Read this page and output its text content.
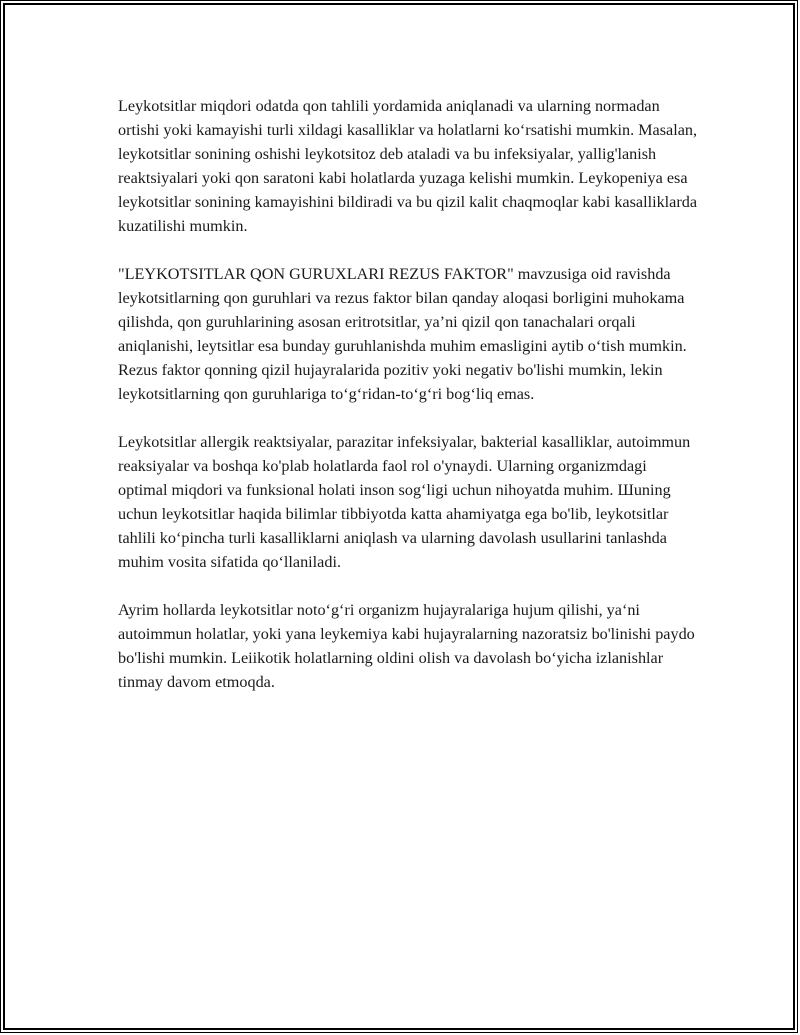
Leykotsitlar miqdori odatda qon tahlili yordamida aniqlanadi va ularning normadan ortishi yoki kamayishi turli xildagi kasalliklar va holatlarni ko‘rsatishi mumkin. Masalan, leykotsitlar sonining oshishi leykotsitoz deb ataladi va bu infeksiyalar, yallig'lanish reaktsiyalari yoki qon saratoni kabi holatlarda yuzaga kelishi mumkin. Leykopeniya esa leykotsitlar sonining kamayishini bildiradi va bu qizil kalit chaqmoqlar kabi kasalliklarda kuzatilishi mumkin.

"LEYKOTSITLAR QON GURUXLARI REZUS FAKTOR" mavzusiga oid ravishda leykotsitlarning qon guruhlari va rezus faktor bilan qanday aloqasi borligini muhokama qilishda, qon guruhlarining asosan eritrotsitlar, ya’ni qizil qon tanachalari orqali aniqlanishi, leytsitlar esa bunday guruhlanishda muhim emasligini aytib o‘tish mumkin. Rezus faktor qonning qizil hujayralarida pozitiv yoki negativ bo'lishi mumkin, lekin leykotsitlarning qon guruhlariga to‘g‘ridan-to‘g‘ri bog‘liq emas.

Leykotsitlar allergik reaktsiyalar, parazitar infeksiyalar, bakterial kasalliklar, autoimmun reaksiyalar va boshqa ko'plab holatlarda faol rol o'ynaydi. Ularning organizmdagi optimal miqdori va funksional holati inson sog‘ligi uchun nihoyatda muhim. Шuning uchun leykotsitlar haqida bilimlar tibbiyotda katta ahamiyatga ega bo'lib, leykotsitlar tahlili ko‘pincha turli kasalliklarni aniqlash va ularning davolash usullarini tanlashda muhim vosita sifatida qo‘llaniladi.

Ayrim hollarda leykotsitlar noto‘g‘ri organizm hujayralariga hujum qilishi, ya‘ni autoimmun holatlar, yoki yana leykemiya kabi hujayralarning nazoratsiz bo'linishi paydo bo'lishi mumkin. Leiikotik holatlarning oldini olish va davolash bo‘yicha izlanishlar tinmay davom etmoqda.
